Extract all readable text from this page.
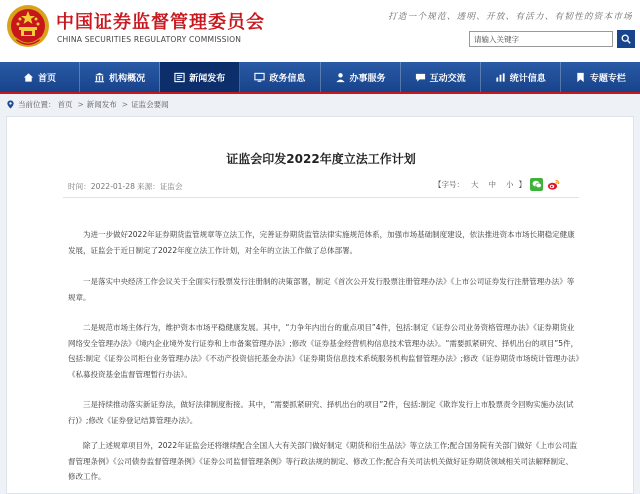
中国证券监督管理委员会
CHINA SECURITIES REGULATORY COMMISSION
打造一个规范、透明、开放、有活力、有韧性的资本市场
请输入关键字
首页	机构概况	新闻发布	政务信息	办事服务	互动交流	统计信息	专题专栏
当前位置： 首页 > 新闻发布 > 证监会要闻
证监会印发2022年度立法工作计划
时间：2022-01-28 来源：证监会	【字号： 大 中 小 】

为进一步做好2022年证券期货监管规章等立法工作，完善证券期货监管法律实施规范体系，加强市场基础制度建设，依法推进资本市场长期稳定健康发展，证监会于近日制定了2022年度立法工作计划，对全年的立法工作做了总体部署。

一是落实中央经济工作会议关于全面实行股票发行注册制的决策部署，制定《首次公开发行股票注册管理办法》《上市公司证券发行注册管理办法》等规章。

二是规范市场主体行为，维护资本市场平稳健康发展。其中，“力争年内出台的重点项目”4件，包括:制定《证券公司业务资格管理办法》《证券期货业网络安全管理办法》《境内企业境外发行证券和上市备案管理办法》;修改《证券基金经营机构信息技术管理办法》。“需要抓紧研究、择机出台的项目”5件，包括:制定《证券公司柜台业务管理办法》《不动产投资信托基金办法》《证券期货信息技术系统服务机构监督管理办法》;修改《证券期货市场统计管理办法》《私募投资基金监督管理暂行办法》。

三是持续推动落实新证券法，做好法律制度衔接。其中，“需要抓紧研究、择机出台的项目”2件，包括:制定《欺诈发行上市股票责令回购实施办法(试行)》;修改《证券登记结算管理办法》。

除了上述规章项目外，2022年证监会还将继续配合全国人大有关部门做好制定《期货和衍生品法》等立法工作;配合国务院有关部门做好《上市公司监督管理条例》《公司债券监督管理条例》《证券公司监督管理条例》等行政法规的制定、修改工作;配合有关司法机关做好证券期货领域相关司法解释制定、修改工作。
